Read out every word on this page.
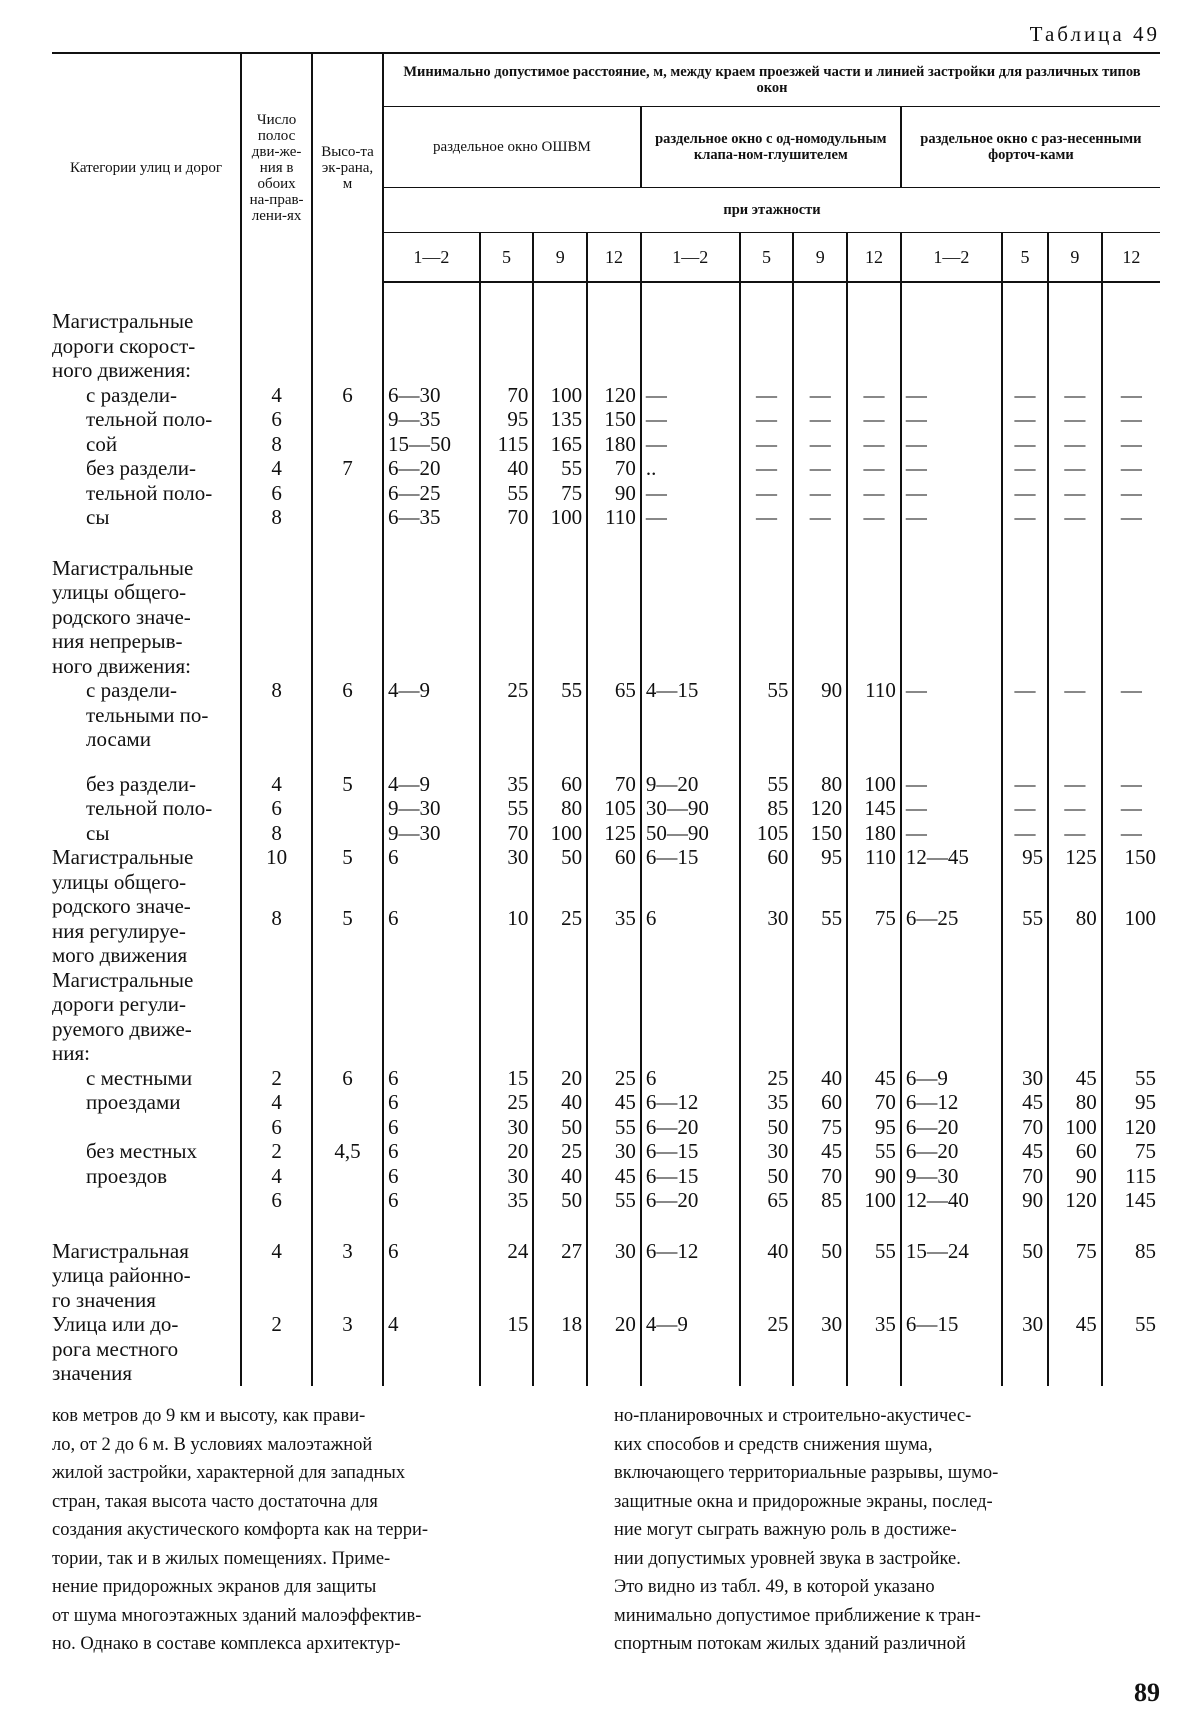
Таблица 49
Категории улиц и дорог	Число полос дви-же-ния в обоих на-прав-лени-ях	Высо-та эк-рана, м	Минимально допустимое расстояние, м, между краем проезжей части и линией застройки для различных типов окон											
			раздельное окно ОШВМ				раздельное окно с од-номодульным клапа-ном-глушителем				раздельное окно с раз-несенными форточ-ками			
			при этажности											
			1—2	5	9	12	1—2	5	9	12	1—2	5	9	12

Магистральные
дороги скорост-
ного движения:														

с раздели-
тельной поло-
сой	4	6	6—30	70	100	120	—	—	—	—	—	—	—	—
	6		9—35	95	135	150	—	—	—	—	—	—	—	—
	8		15—50	115	165	180	—	—	—	—	—	—	—	—

без раздели-
тельной поло-
сы	4	7	6—20	40	55	70	..	—	—	—	—	—	—	—
	6		6—25	55	75	90	—	—	—	—	—	—	—	—
	8		6—35	70	100	110	—	—	—	—	—	—	—	—

Магистральные
улицы общего-
родского значе-
ния непрерыв-
ного движения:														

с раздели-
тельными по-
лосами	8	6	4—9	25	55	65	4—15	55	90	110	—	—	—	—

без раздели-
тельной поло-
сы	4	5	4—9	35	60	70	9—20	55	80	100	—	—	—	—
	6		9—30	55	80	105	30—90	85	120	145	—	—	—	—
	8		9—30	70	100	125	50—90	105	150	180	—	—	—	—

Магистральные
улицы общего-
родского значе-
ния регулируе-
мого движения	10	5	6	30	50	60	6—15	60	95	110	12—45	95	125	150
	8	5	6	10	25	35	6	30	55	75	6—25	55	80	100

Магистральные
дороги регули-
руемого движе-
ния:														

с местными
проездами	2	6	6	15	20	25	6	25	40	45	6—9	30	45	55
	4		6	25	40	45	6—12	35	60	70	6—12	45	80	95
	6		6	30	50	55	6—20	50	75	95	6—20	70	100	120

без местных
проездов	2	4,5	6	20	25	30	6—15	30	45	55	6—20	45	60	75
	4		6	30	40	45	6—15	50	70	90	9—30	70	90	115
	6		6	35	50	55	6—20	65	85	100	12—40	90	120	145

Магистральная
улица районно-
го значения	4	3	6	24	27	30	6—12	40	50	55	15—24	50	75	85

Улица или до-
рога местного
значения	2	3	4	15	18	20	4—9	25	30	35	6—15	30	45	55

ков метров до 9 км и высоту, как прави-
ло, от 2 до 6 м. В условиях малоэтажной
жилой застройки, характерной для западных
стран, такая высота часто достаточна для
создания акустического комфорта как на терри-
тории, так и в жилых помещениях. Приме-
нение придорожных экранов для защиты
от шума многоэтажных зданий малоэффектив-
но. Однако в составе комплекса архитектур-
но-планировочных и строительно-акустичес-
ких способов и средств снижения шума,
включающего территориальные разрывы, шумо-
защитные окна и придорожные экраны, послед-
ние могут сыграть важную роль в достиже-
нии допустимых уровней звука в застройке.
Это видно из табл. 49, в которой указано
минимально допустимое приближение к тран-
спортным потокам жилых зданий различной
89
